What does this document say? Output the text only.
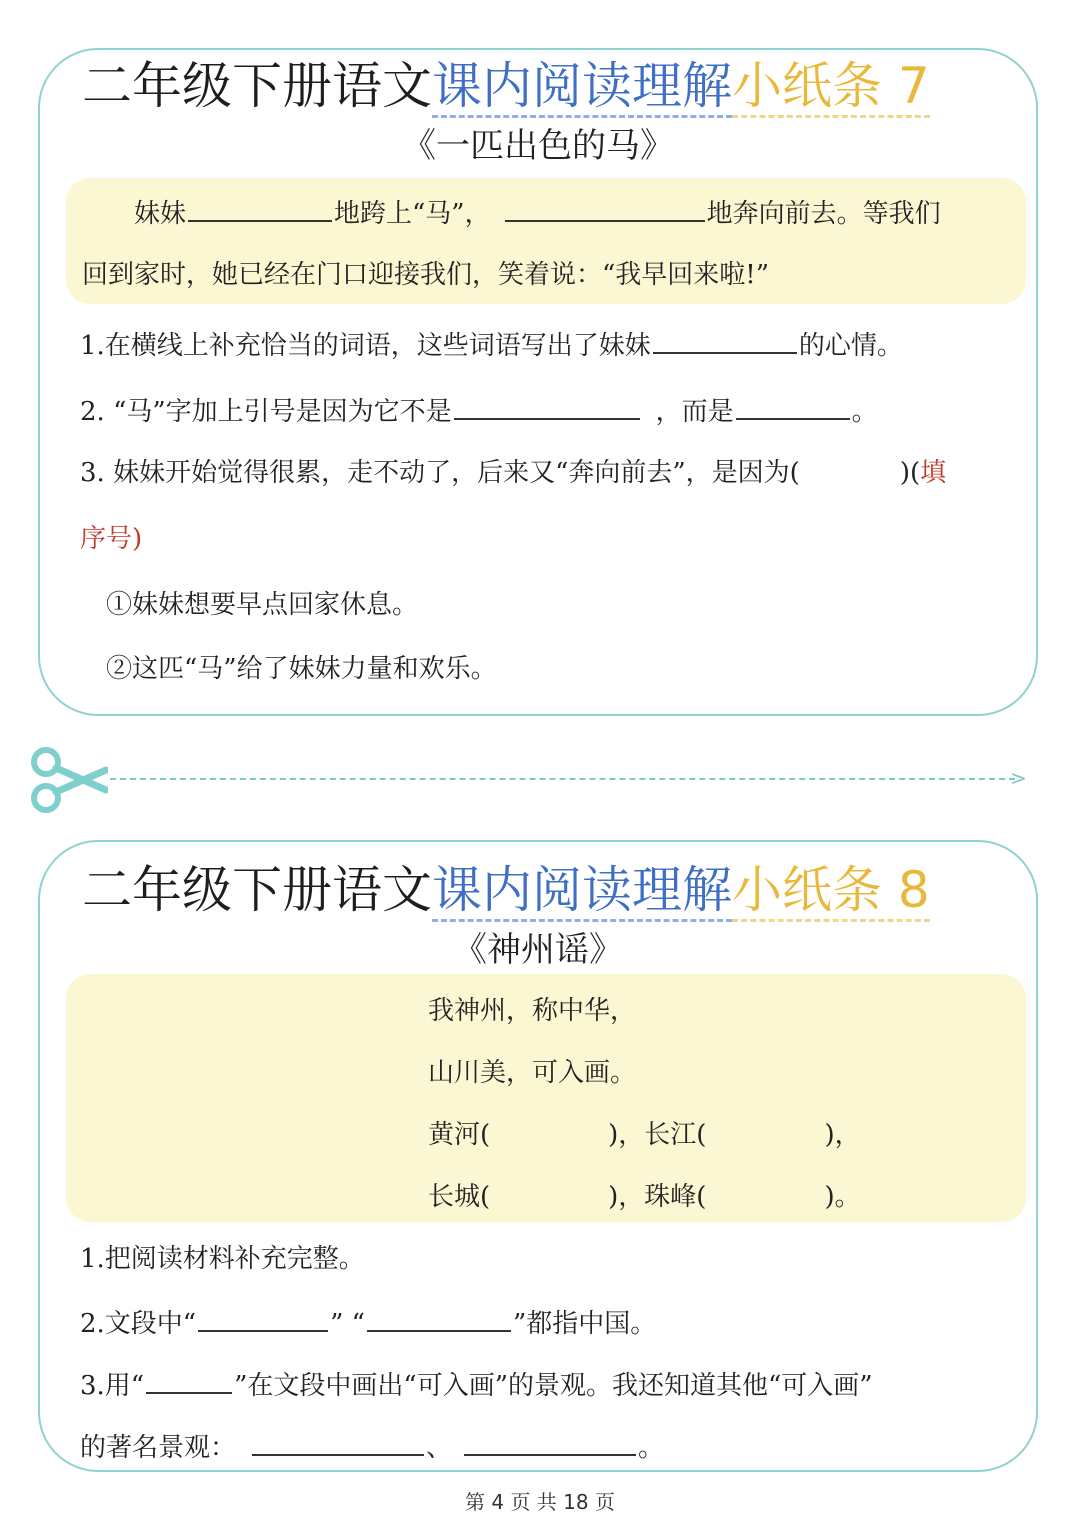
二年级下册语文课内阅读理解小纸条 7
《一匹出色的马》
妹妹	地跨上“马”，	地奔向前去。等我们
回到家时，她已经在门口迎接我们，笑着说：“我早回来啦!”
1.在横线上补充恰当的词语，这些词语写出了妹妹	的心情。
2. “马”字加上引号是因为它不是	，而是	。
3. 妹妹开始觉得很累，走不动了，后来又“奔向前去”，是因为(	)(填
序号)
①妹妹想要早点回家休息。
②这匹“马”给了妹妹力量和欢乐。
>
二年级下册语文课内阅读理解小纸条 8
《神州谣》
我神州，称中华，
山川美，可入画。
黄河(	)，长江(	)，
长城(	)，珠峰(	)。
1.把阅读材料补充完整。
2.文段中“	” “	”都指中国。
3.用“	”在文段中画出“可入画”的景观。我还知道其他“可入画”
的著名景观：	、	。
第 4 页 共 18 页
